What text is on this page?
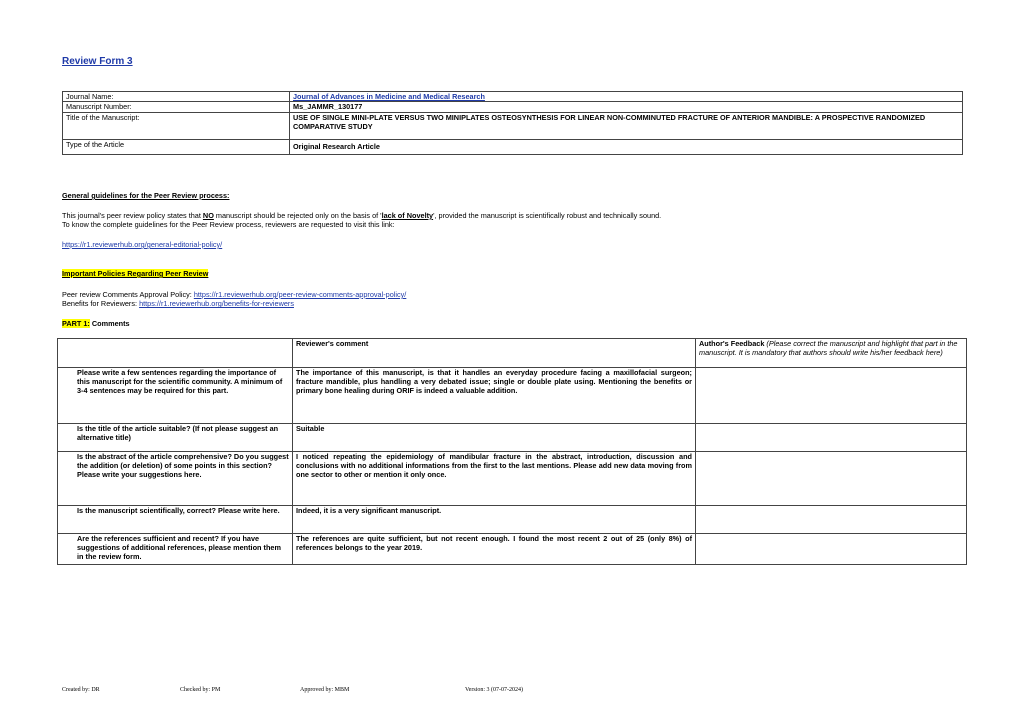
Review Form 3
Journal Name:	Journal of Advances in Medicine and Medical Research
Manuscript Number:	Ms_JAMMR_130177
Title of the Manuscript:	USE OF SINGLE MINI-PLATE VERSUS TWO MINIPLATES OSTEOSYNTHESIS FOR LINEAR NON-COMMINUTED FRACTURE OF ANTERIOR MANDIBLE: A PROSPECTIVE RANDOMIZED COMPARATIVE STUDY
Type of the Article	Original Research Article
General guidelines for the Peer Review process:
This journal's peer review policy states that NO manuscript should be rejected only on the basis of 'lack of Novelty', provided the manuscript is scientifically robust and technically sound.
To know the complete guidelines for the Peer Review process, reviewers are requested to visit this link:
https://r1.reviewerhub.org/general-editorial-policy/
Important Policies Regarding Peer Review
Peer review Comments Approval Policy: https://r1.reviewerhub.org/peer-review-comments-approval-policy/
Benefits for Reviewers: https://r1.reviewerhub.org/benefits-for-reviewers
PART 1: Comments
	Reviewer's comment	Author's Feedback (Please correct the manuscript and highlight that part in the manuscript. It is mandatory that authors should write his/her feedback here)
Please write a few sentences regarding the importance of this manuscript for the scientific community. A minimum of 3-4 sentences may be required for this part.	The importance of this manuscript, is that it handles an everyday procedure facing a maxillofacial surgeon; fracture mandible, plus handling a very debated issue; single or double plate using. Mentioning the benefits or primary bone healing during ORIF is indeed a valuable addition.	
Is the title of the article suitable? (If not please suggest an alternative title)	Suitable	
Is the abstract of the article comprehensive? Do you suggest the addition (or deletion) of some points in this section? Please write your suggestions here.	I noticed repeating the epidemiology of mandibular fracture in the abstract, introduction, discussion and conclusions with no additional informations from the first to the last mentions. Please add new data moving from one sector to other or mention it only once.	
Is the manuscript scientifically, correct? Please write here.	Indeed, it is a very significant manuscript.	
Are the references sufficient and recent? If you have suggestions of additional references, please mention them in the review form.	The references are quite sufficient, but not recent enough. I found the most recent 2 out of 25 (only 8%) of references belongs to the year 2019.	
Created by: DR	Checked by: PM	Approved by: MBM	Version: 3 (07-07-2024)
